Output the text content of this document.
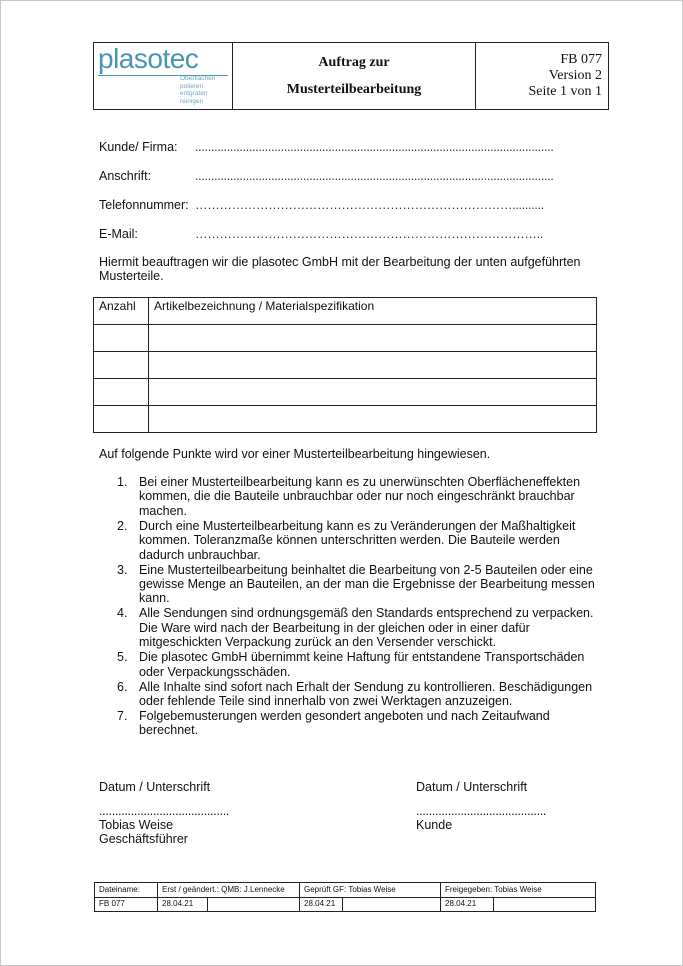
plasotec
Oberflächen
polieren
entgraten
reinigen
Auftrag zur
Musterteilbearbeitung
FB 077
Version 2
Seite 1 von 1
Kunde/ Firma: .................................................................................................................
Anschrift:	.................................................................................................................
Telefonnummer: ……………………………………………………………………..........
E-Mail:	…………………………………………………………………………..
Hiermit beauftragen wir die plasotec GmbH mit der Bearbeitung der unten aufgeführten Musterteile.
Anzahl	Artikelbezeichnung / Materialspezifikation

Auf folgende Punkte wird vor einer Musterteilbearbeitung hingewiesen.
1. Bei einer Musterteilbearbeitung kann es zu unerwünschten Oberflächeneffekten kommen, die die Bauteile unbrauchbar oder nur noch eingeschränkt brauchbar machen.
2. Durch eine Musterteilbearbeitung kann es zu Veränderungen der Maßhaltigkeit kommen. Toleranzmaße können unterschritten werden. Die Bauteile werden dadurch unbrauchbar.
3. Eine Musterteilbearbeitung beinhaltet die Bearbeitung von 2-5 Bauteilen oder eine gewisse Menge an Bauteilen, an der man die Ergebnisse der Bearbeitung messen kann.
4. Alle Sendungen sind ordnungsgemäß den Standards entsprechend zu verpacken. Die Ware wird nach der Bearbeitung in der gleichen oder in einer dafür mitgeschickten Verpackung zurück an den Versender verschickt.
5. Die plasotec GmbH übernimmt keine Haftung für entstandene Transportschäden oder Verpackungsschäden.
6. Alle Inhalte sind sofort nach Erhalt der Sendung zu kontrollieren. Beschädigungen oder fehlende Teile sind innerhalb von zwei Werktagen anzuzeigen.
7. Folgebemusterungen werden gesondert angeboten und nach Zeitaufwand berechnet.
Datum / Unterschrift
.........................................
Tobias Weise
Geschäftsführer
Datum / Unterschrift
.........................................
Kunde
Dateiname:	Erst / geändert.: QMB: J.Lennecke	Geprüft GF: Tobias Weise	Freigegeben: Tobias Weise
FB 077	28.04.21	28.04.21	28.04.21
